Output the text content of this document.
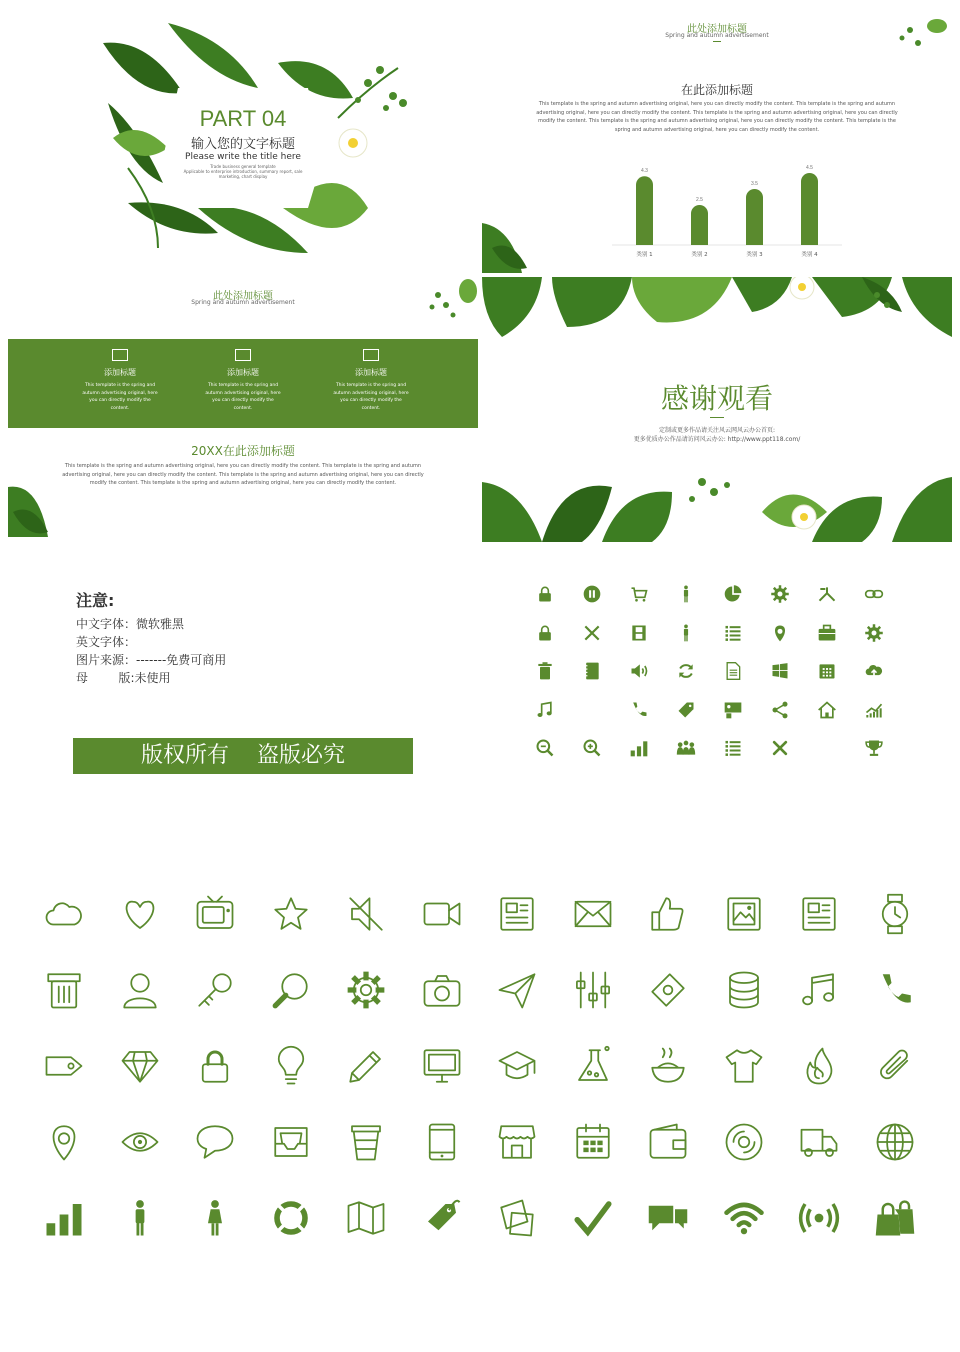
PART 04
输入您的文字标题
Please write the title here
Trade business general template
Applicable to enterprise introduction, summary report, sale
marketing, chart display
此处添加标题
Spring and autumn advertisement
在此添加标题
This template is the spring and autumn advertising original, here you can directly modify the content. This template is the spring and autumn advertising original, here you can directly modify the content. This template is the spring and autumn advertising original, here you can directly modify the content. This template is the spring and autumn advertising original, here you can directly modify the content. This template is the spring and autumn advertising original, here you can directly modify the content.
4.3
类别 1
2.5
类别 2
3.5
类别 3
4.5
类别 4
此处添加标题
Spring and autumn advertisement
添加标题
This template is the spring and autumn advertising original, here you can directly modify the content.
添加标题
This template is the spring and autumn advertising original, here you can directly modify the content.
添加标题
This template is the spring and autumn advertising original, here you can directly modify the content.
20XX在此添加标题
This template is the spring and autumn advertising original, here you can directly modify the content. This template is the spring and autumn advertising original, here you can directly modify the content. This template is the spring and autumn advertising original, here you can directly modify the content. This template is the spring and autumn advertising original, here you can directly modify the content.
感谢观看
定制或更多作品请关注风云网风云办公首页:
更多优质办公作品请访问风云办公: http://www.ppt118.com/
注意:
中文字体：微软雅黑
英文字体：
图片来源：-------免费可商用
母        版:未使用
版权所有    盗版必究
